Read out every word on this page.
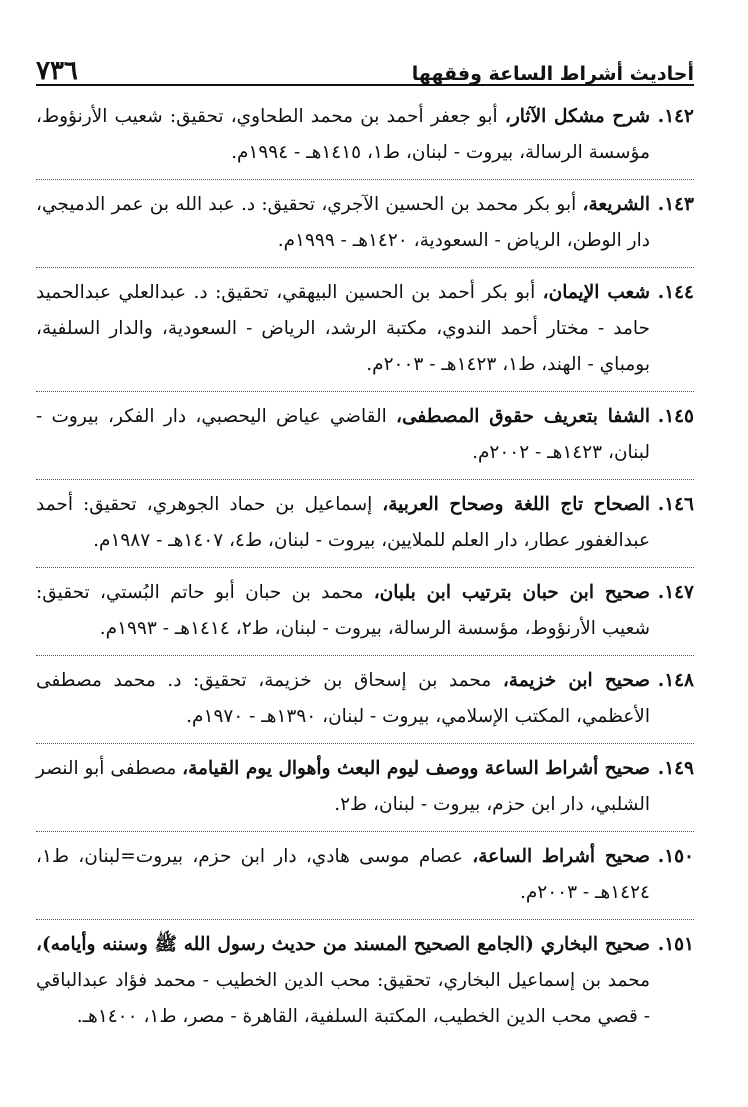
أحاديث أشراط الساعة وفقهها
٧٣٦
١٤٢.
شرح مشكل الآثار، أبو جعفر أحمد بن محمد الطحاوي، تحقيق: شعيب الأرنؤوط، مؤسسة الرسالة، بيروت - لبنان، ط١، ١٤١٥هـ - ١٩٩٤م.
١٤٣.
الشريعة، أبو بكر محمد بن الحسين الآجري، تحقيق: د. عبد الله بن عمر الدميجي، دار الوطن، الرياض - السعودية، ١٤٢٠هـ - ١٩٩٩م.
١٤٤.
شعب الإيمان، أبو بكر أحمد بن الحسين البيهقي، تحقيق: د. عبدالعلي عبدالحميد حامد - مختار أحمد الندوي، مكتبة الرشد، الرياض - السعودية، والدار السلفية، بومباي - الهند، ط١، ١٤٢٣هـ - ٢٠٠٣م.
١٤٥.
الشفا بتعريف حقوق المصطفى، القاضي عياض اليحصبي، دار الفكر، بيروت - لبنان، ١٤٢٣هـ - ٢٠٠٢م.
١٤٦.
الصحاح تاج اللغة وصحاح العربية، إسماعيل بن حماد الجوهري، تحقيق: أحمد عبدالغفور عطار، دار العلم للملايين، بيروت - لبنان، ط٤، ١٤٠٧هـ - ١٩٨٧م.
١٤٧.
صحيح ابن حبان بترتيب ابن بلبان، محمد بن حبان أبو حاتم البُستي، تحقيق: شعيب الأرنؤوط، مؤسسة الرسالة، بيروت - لبنان، ط٢، ١٤١٤هـ - ١٩٩٣م.
١٤٨.
صحيح ابن خزيمة، محمد بن إسحاق بن خزيمة، تحقيق: د. محمد مصطفى الأعظمي، المكتب الإسلامي، بيروت - لبنان، ١٣٩٠هـ - ١٩٧٠م.
١٤٩.
صحيح أشراط الساعة ووصف ليوم البعث وأهوال يوم القيامة، مصطفى أبو النصر الشلبي، دار ابن حزم، بيروت - لبنان، ط٢.
١٥٠.
صحيح أشراط الساعة، عصام موسى هادي، دار ابن حزم، بيروت=لبنان، ط١، ١٤٢٤هـ - ٢٠٠٣م.
١٥١.
صحيح البخاري (الجامع الصحيح المسند من حديث رسول الله ﷺ وسننه وأيامه)، محمد بن إسماعيل البخاري، تحقيق: محب الدين الخطيب - محمد فؤاد عبدالباقي - قصي محب الدين الخطيب، المكتبة السلفية، القاهرة - مصر، ط١، ١٤٠٠هـ.
